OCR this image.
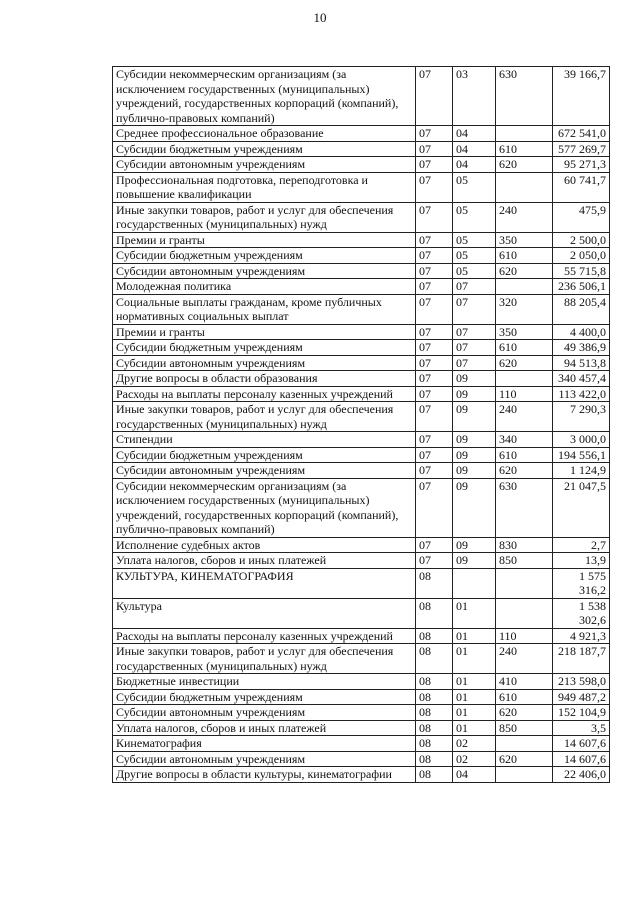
10
Субсидии некоммерческим организациям (за исключением государственных (муниципальных) учреждений, государственных корпораций (компаний), публично-правовых компаний)	07	03	630	39 166,7
Среднее профессиональное образование	07	04		672 541,0
Субсидии бюджетным учреждениям	07	04	610	577 269,7
Субсидии автономным учреждениям	07	04	620	95 271,3
Профессиональная подготовка, переподготовка и повышение квалификации	07	05		60 741,7
Иные закупки товаров, работ и услуг для обеспечения государственных (муниципальных) нужд	07	05	240	475,9
Премии и гранты	07	05	350	2 500,0
Субсидии бюджетным учреждениям	07	05	610	2 050,0
Субсидии автономным учреждениям	07	05	620	55 715,8
Молодежная политика	07	07		236 506,1
Социальные выплаты гражданам, кроме публичных нормативных социальных выплат	07	07	320	88 205,4
Премии и гранты	07	07	350	4 400,0
Субсидии бюджетным учреждениям	07	07	610	49 386,9
Субсидии автономным учреждениям	07	07	620	94 513,8
Другие вопросы в области образования	07	09		340 457,4
Расходы на выплаты персоналу казенных учреждений	07	09	110	113 422,0
Иные закупки товаров, работ и услуг для обеспечения государственных (муниципальных) нужд	07	09	240	7 290,3
Стипендии	07	09	340	3 000,0
Субсидии бюджетным учреждениям	07	09	610	194 556,1
Субсидии автономным учреждениям	07	09	620	1 124,9
Субсидии некоммерческим организациям (за исключением государственных (муниципальных) учреждений, государственных корпораций (компаний), публично-правовых компаний)	07	09	630	21 047,5
Исполнение судебных актов	07	09	830	2,7
Уплата налогов, сборов и иных платежей	07	09	850	13,9
КУЛЬТУРА, КИНЕМАТОГРАФИЯ	08			1 575 316,2
Культура	08	01		1 538 302,6
Расходы на выплаты персоналу казенных учреждений	08	01	110	4 921,3
Иные закупки товаров, работ и услуг для обеспечения государственных (муниципальных) нужд	08	01	240	218 187,7
Бюджетные инвестиции	08	01	410	213 598,0
Субсидии бюджетным учреждениям	08	01	610	949 487,2
Субсидии автономным учреждениям	08	01	620	152 104,9
Уплата налогов, сборов и иных платежей	08	01	850	3,5
Кинематография	08	02		14 607,6
Субсидии автономным учреждениям	08	02	620	14 607,6
Другие вопросы в области культуры, кинематографии	08	04		22 406,0
